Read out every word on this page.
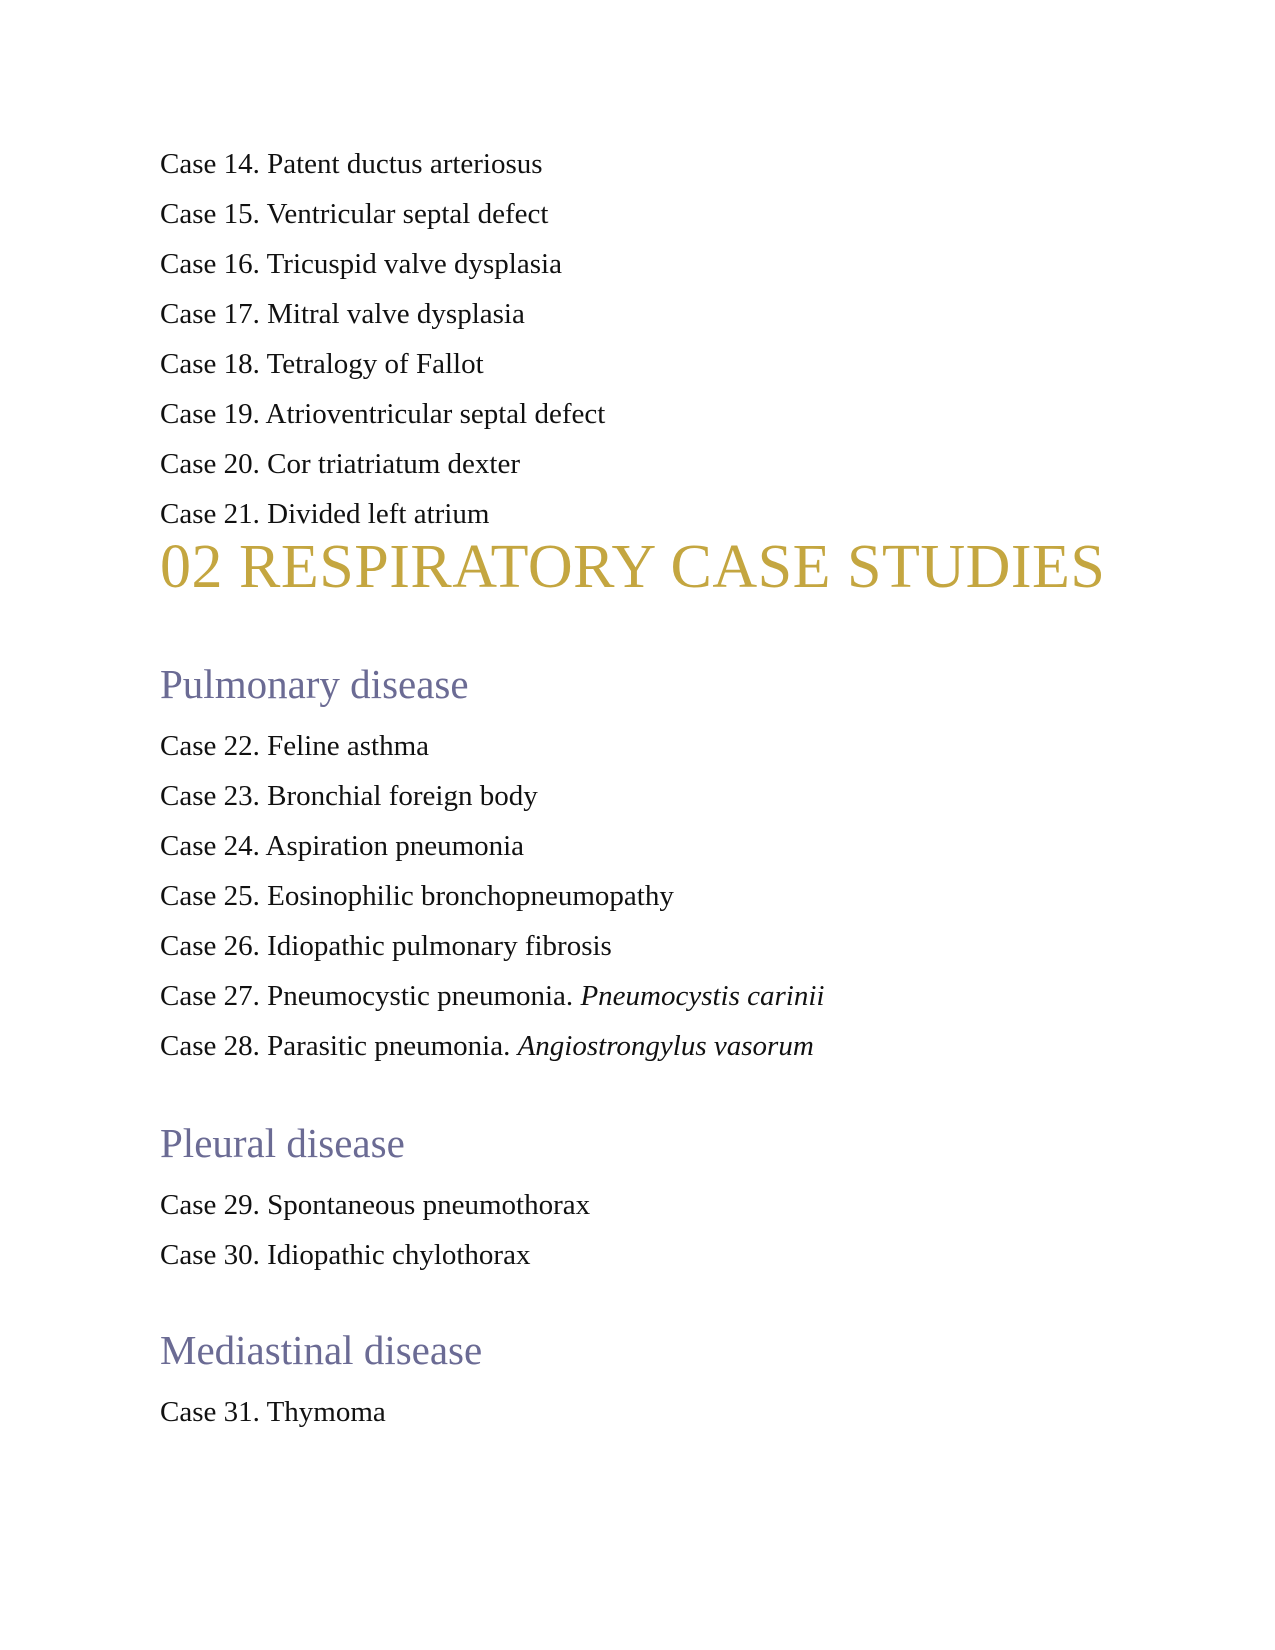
Case 14. Patent ductus arteriosus
Case 15. Ventricular septal defect
Case 16. Tricuspid valve dysplasia
Case 17. Mitral valve dysplasia
Case 18. Tetralogy of Fallot
Case 19. Atrioventricular septal defect
Case 20. Cor triatriatum dexter
Case 21. Divided left atrium
02 RESPIRATORY CASE STUDIES
Pulmonary disease
Case 22. Feline asthma
Case 23. Bronchial foreign body
Case 24. Aspiration pneumonia
Case 25. Eosinophilic bronchopneumopathy
Case 26. Idiopathic pulmonary fibrosis
Case 27. Pneumocystic pneumonia. Pneumocystis carinii
Case 28. Parasitic pneumonia. Angiostrongylus vasorum
Pleural disease
Case 29. Spontaneous pneumothorax
Case 30. Idiopathic chylothorax
Mediastinal disease
Case 31. Thymoma
